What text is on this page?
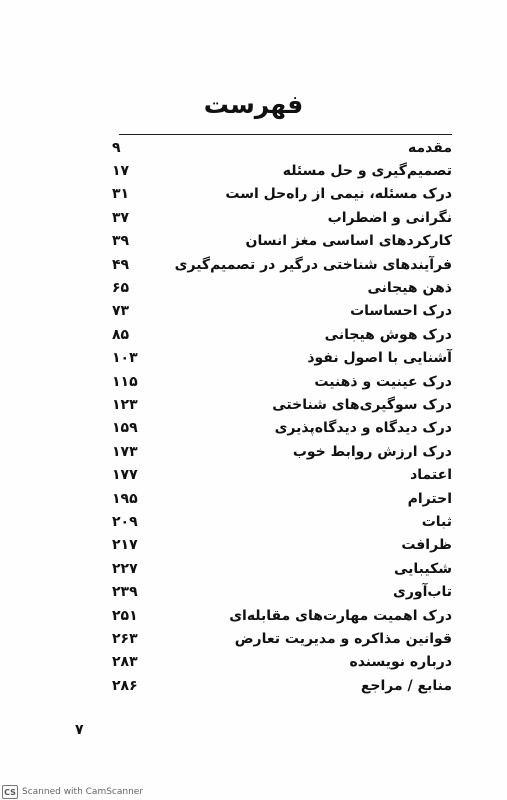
فهرست
مقدمه
۹
تصمیم‌گیری و حل مسئله
۱۷
درک مسئله، نیمی از راه‌حل است
۳۱
نگرانی و اضطراب
۳۷
کارکردهای اساسی مغز انسان
۳۹
فرآیندهای شناختی درگیر در تصمیم‌گیری
۴۹
ذهن هیجانی
۶۵
درک احساسات
۷۳
درک هوش هیجانی
۸۵
آشنایی با اصول نفوذ
۱۰۳
درک عینیت و ذهنیت
۱۱۵
درک سوگیری‌های شناختی
۱۲۳
درک دیدگاه و دیدگاه‌پذیری
۱۵۹
درک ارزش روابط خوب
۱۷۳
اعتماد
۱۷۷
احترام
۱۹۵
ثبات
۲۰۹
ظرافت
۲۱۷
شکیبایی
۲۲۷
تاب‌آوری
۲۳۹
درک اهمیت مهارت‌های مقابله‌ای
۲۵۱
قوانین مذاکره و مدیریت تعارض
۲۶۳
درباره نویسنده
۲۸۳
منابع / مراجع
۲۸۶
۷
CS Scanned with CamScanner
